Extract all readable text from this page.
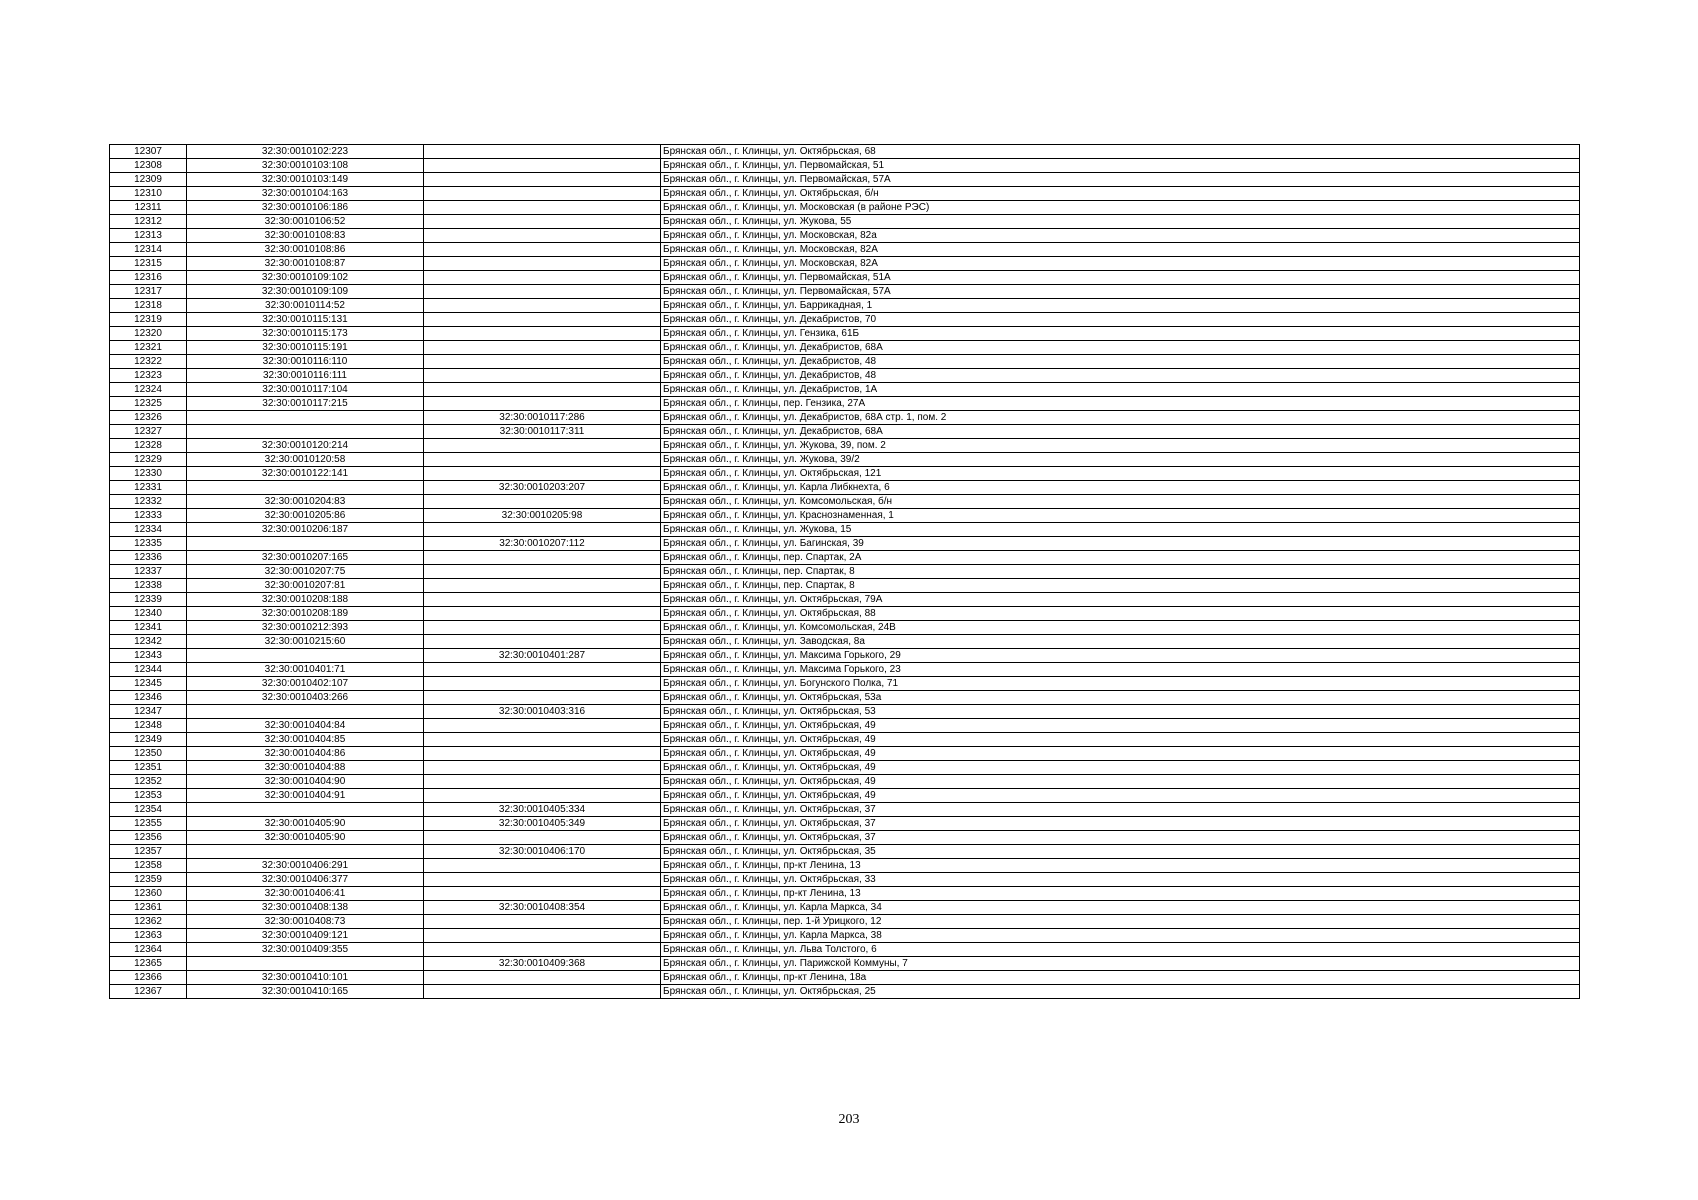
12307	32:30:0010102:223		Брянская обл., г. Клинцы, ул. Октябрьская, 68
12308	32:30:0010103:108		Брянская обл., г. Клинцы, ул. Первомайская, 51
12309	32:30:0010103:149		Брянская обл., г. Клинцы, ул. Первомайская, 57А
12310	32:30:0010104:163		Брянская обл., г. Клинцы, ул. Октябрьская, б/н
12311	32:30:0010106:186		Брянская обл., г. Клинцы, ул. Московская (в районе РЭС)
12312	32:30:0010106:52		Брянская обл., г. Клинцы, ул. Жукова, 55
12313	32:30:0010108:83		Брянская обл., г. Клинцы, ул. Московская, 82а
12314	32:30:0010108:86		Брянская обл., г. Клинцы, ул. Московская, 82А
12315	32:30:0010108:87		Брянская обл., г. Клинцы, ул. Московская, 82А
12316	32:30:0010109:102		Брянская обл., г. Клинцы, ул. Первомайская, 51А
12317	32:30:0010109:109		Брянская обл., г. Клинцы, ул. Первомайская, 57А
12318	32:30:0010114:52		Брянская обл., г. Клинцы, ул. Баррикадная, 1
12319	32:30:0010115:131		Брянская обл., г. Клинцы, ул. Декабристов, 70
12320	32:30:0010115:173		Брянская обл., г. Клинцы, ул. Гензика, 61Б
12321	32:30:0010115:191		Брянская обл., г. Клинцы, ул. Декабристов, 68А
12322	32:30:0010116:110		Брянская обл., г. Клинцы, ул. Декабристов, 48
12323	32:30:0010116:111		Брянская обл., г. Клинцы, ул. Декабристов, 48
12324	32:30:0010117:104		Брянская обл., г. Клинцы, ул. Декабристов, 1А
12325	32:30:0010117:215		Брянская обл., г. Клинцы, пер. Гензика, 27А
12326		32:30:0010117:286	Брянская обл., г. Клинцы, ул. Декабристов, 68А стр. 1, пом. 2
12327		32:30:0010117:311	Брянская обл., г. Клинцы, ул. Декабристов, 68А
12328	32:30:0010120:214		Брянская обл., г. Клинцы, ул. Жукова, 39, пом. 2
12329	32:30:0010120:58		Брянская обл., г. Клинцы, ул. Жукова, 39/2
12330	32:30:0010122:141		Брянская обл., г. Клинцы, ул. Октябрьская, 121
12331		32:30:0010203:207	Брянская обл., г. Клинцы, ул. Карла Либкнехта, 6
12332	32:30:0010204:83		Брянская обл., г. Клинцы, ул. Комсомольская, б/н
12333	32:30:0010205:86	32:30:0010205:98	Брянская обл., г. Клинцы, ул. Краснознаменная, 1
12334	32:30:0010206:187		Брянская обл., г. Клинцы, ул. Жукова, 15
12335		32:30:0010207:112	Брянская обл., г. Клинцы, ул. Багинская, 39
12336	32:30:0010207:165		Брянская обл., г. Клинцы, пер. Спартак, 2А
12337	32:30:0010207:75		Брянская обл., г. Клинцы, пер. Спартак, 8
12338	32:30:0010207:81		Брянская обл., г. Клинцы, пер. Спартак, 8
12339	32:30:0010208:188		Брянская обл., г. Клинцы, ул. Октябрьская, 79А
12340	32:30:0010208:189		Брянская обл., г. Клинцы, ул. Октябрьская, 88
12341	32:30:0010212:393		Брянская обл., г. Клинцы, ул. Комсомольская, 24В
12342	32:30:0010215:60		Брянская обл., г. Клинцы, ул. Заводская, 8а
12343		32:30:0010401:287	Брянская обл., г. Клинцы, ул. Максима Горького, 29
12344	32:30:0010401:71		Брянская обл., г. Клинцы, ул. Максима Горького, 23
12345	32:30:0010402:107		Брянская обл., г. Клинцы, ул. Богунского Полка, 71
12346	32:30:0010403:266		Брянская обл., г. Клинцы, ул. Октябрьская, 53а
12347		32:30:0010403:316	Брянская обл., г. Клинцы, ул. Октябрьская, 53
12348	32:30:0010404:84		Брянская обл., г. Клинцы, ул. Октябрьская, 49
12349	32:30:0010404:85		Брянская обл., г. Клинцы, ул. Октябрьская, 49
12350	32:30:0010404:86		Брянская обл., г. Клинцы, ул. Октябрьская, 49
12351	32:30:0010404:88		Брянская обл., г. Клинцы, ул. Октябрьская, 49
12352	32:30:0010404:90		Брянская обл., г. Клинцы, ул. Октябрьская, 49
12353	32:30:0010404:91		Брянская обл., г. Клинцы, ул. Октябрьская, 49
12354		32:30:0010405:334	Брянская обл., г. Клинцы, ул. Октябрьская, 37
12355	32:30:0010405:90	32:30:0010405:349	Брянская обл., г. Клинцы, ул. Октябрьская, 37
12356	32:30:0010405:90		Брянская обл., г. Клинцы, ул. Октябрьская, 37
12357		32:30:0010406:170	Брянская обл., г. Клинцы, ул. Октябрьская, 35
12358	32:30:0010406:291		Брянская обл., г. Клинцы, пр-кт Ленина, 13
12359	32:30:0010406:377		Брянская обл., г. Клинцы, ул. Октябрьская, 33
12360	32:30:0010406:41		Брянская обл., г. Клинцы, пр-кт Ленина, 13
12361	32:30:0010408:138	32:30:0010408:354	Брянская обл., г. Клинцы, ул. Карла Маркса, 34
12362	32:30:0010408:73		Брянская обл., г. Клинцы, пер. 1-й Урицкого, 12
12363	32:30:0010409:121		Брянская обл., г. Клинцы, ул. Карла Маркса, 38
12364	32:30:0010409:355		Брянская обл., г. Клинцы, ул. Льва Толстого, 6
12365		32:30:0010409:368	Брянская обл., г. Клинцы, ул. Парижской Коммуны, 7
12366	32:30:0010410:101		Брянская обл., г. Клинцы, пр-кт Ленина, 18а
12367	32:30:0010410:165		Брянская обл., г. Клинцы, ул. Октябрьская, 25
203
